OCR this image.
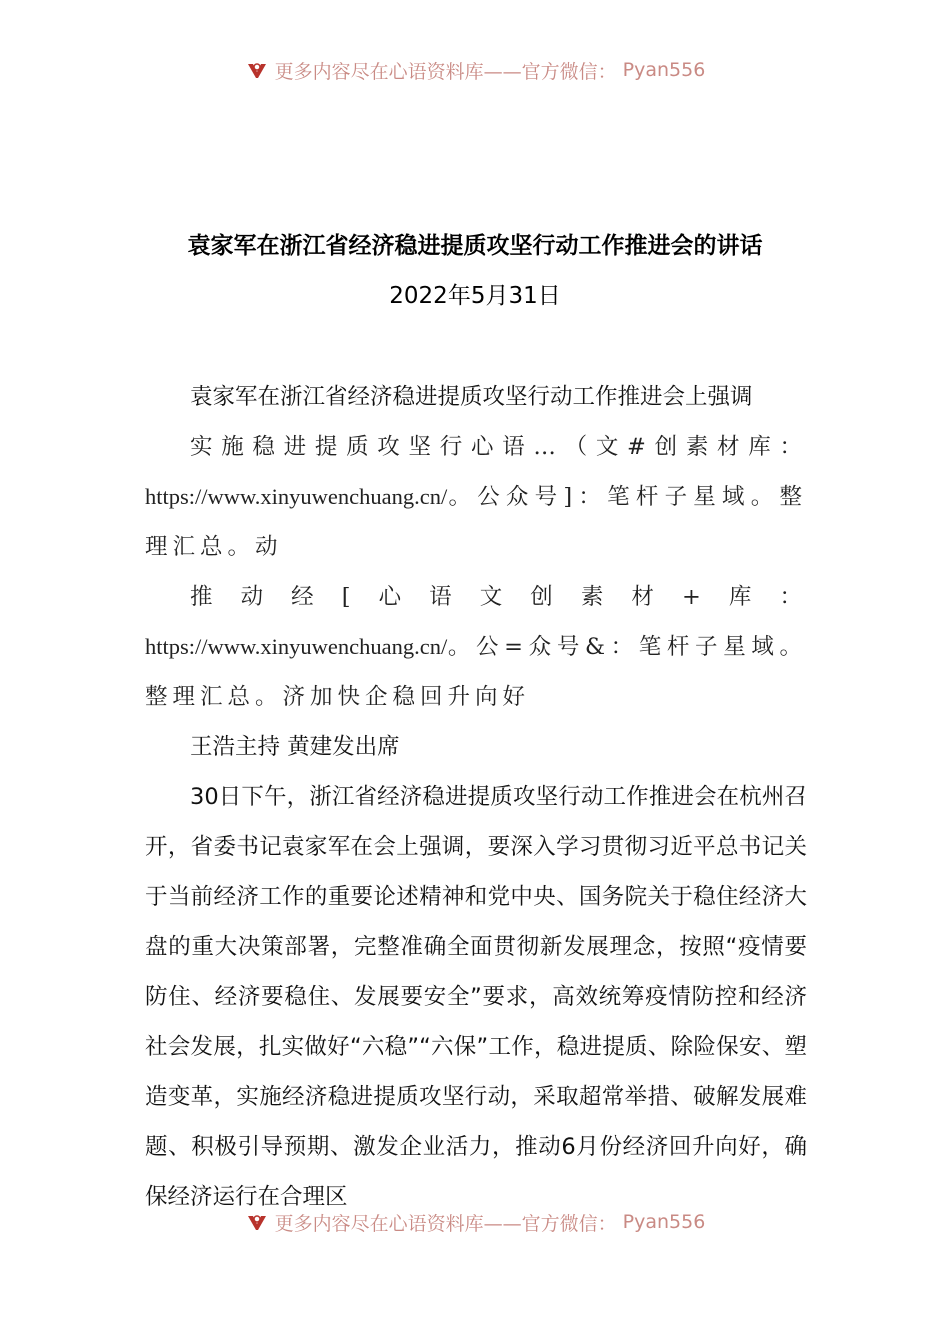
更多内容尽在心语资料库——官方微信： Pyan556
袁家军在浙江省经济稳进提质攻坚行动工作推进会的讲话
2022年5月31日

袁家军在浙江省经济稳进提质攻坚行动工作推进会上强调

实施稳进提质攻坚行心语…（文#创素材库：https://www.xinyuwenchuang.cn/。公众号]：笔杆子星域。整理汇总。动

推动经[心语文创素材+库：https://www.xinyuwenchuang.cn/。公=众号&：笔杆子星域。整理汇总。济加快企稳回升向好

王浩主持 黄建发出席

30日下午，浙江省经济稳进提质攻坚行动工作推进会在杭州召开，省委书记袁家军在会上强调，要深入学习贯彻习近平总书记关于当前经济工作的重要论述精神和党中央、国务院关于稳住经济大盘的重大决策部署，完整准确全面贯彻新发展理念，按照“疫情要防住、经济要稳住、发展要安全”要求，高效统筹疫情防控和经济社会发展，扎实做好“六稳”“六保”工作，稳进提质、除险保安、塑造变革，实施经济稳进提质攻坚行动，采取超常举措、破解发展难题、积极引导预期、激发企业活力，推动6月份经济回升向好，确保经济运行在合理区

更多内容尽在心语资料库——官方微信： Pyan556
